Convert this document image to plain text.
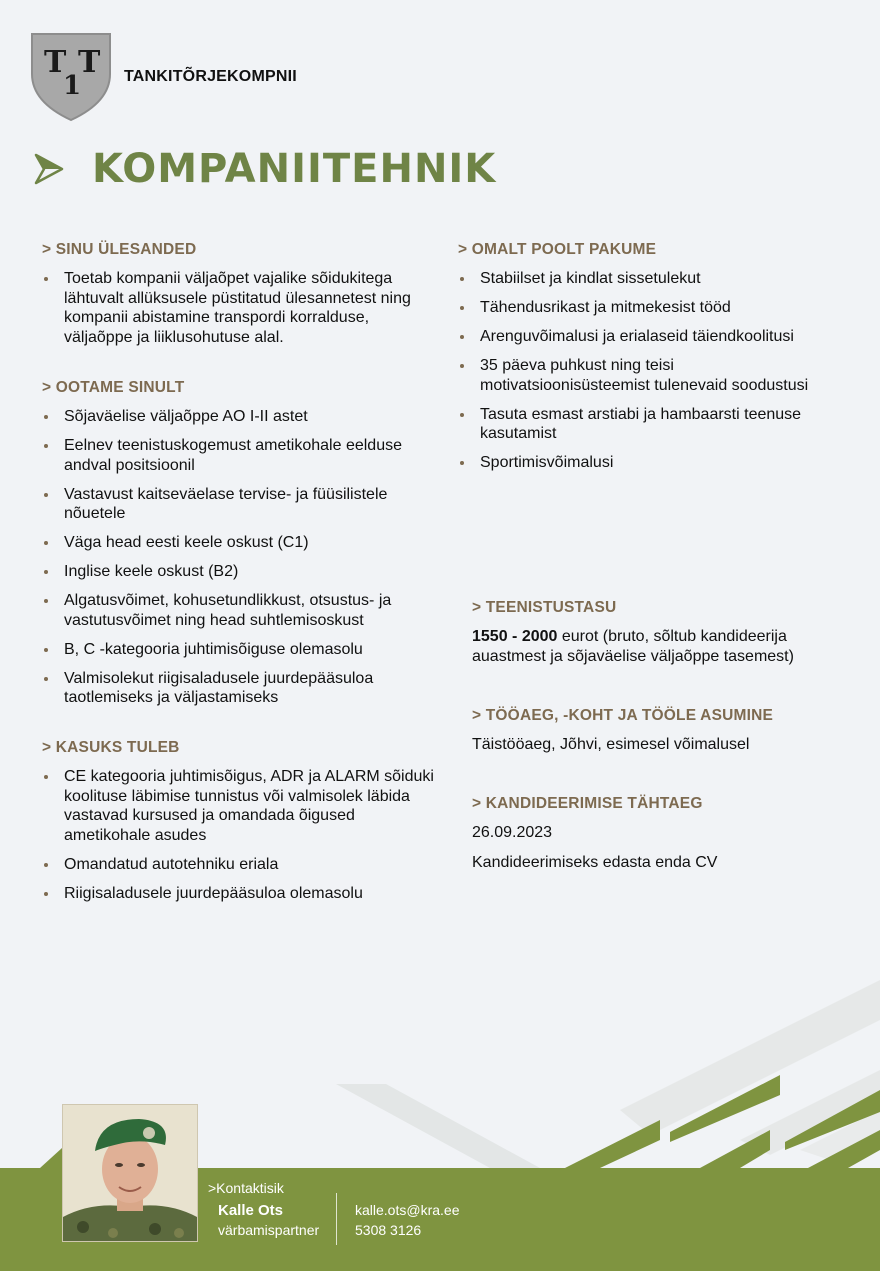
T
1
T TANKITÕRJEKOMPNII
KOMPANIITEHNIK
> SINU ÜLESANDED
Toetab kompanii väljaõpet vajalike sõidukitega lähtuvalt allüksusele püstitatud ülesannetest ning kompanii abistamine transpordi korralduse, väljaõppe ja liiklusohutuse alal.
> OOTAME SINULT
Sõjaväelise väljaõppe AO I-II astet
Eelnev teenistuskogemust ametikohale eelduse andval positsioonil
Vastavust kaitseväelase tervise- ja füüsilistele nõuetele
Väga head eesti keele oskust (C1)
Inglise keele oskust (B2)
Algatusvõimet, kohusetundlikkust, otsustus- ja vastutusvõimet ning head suhtlemisoskust
B, C -kategooria juhtimisõiguse olemasolu
Valmisolekut riigisaladusele juurdepääsuloa taotlemiseks ja väljastamiseks
> KASUKS TULEB
CE kategooria juhtimisõigus, ADR ja ALARM sõiduki koolituse läbimise tunnistus või valmisolek läbida vastavad kursused ja omandada õigused ametikohale asudes
Omandatud autotehniku eriala
Riigisaladusele juurdepääsuloa olemasolu
> OMALT POOLT PAKUME
Stabiilset ja kindlat sissetulekut
Tähendusrikast ja mitmekesist tööd
Arenguvõimalusi ja erialaseid täiendkoolitusi
35 päeva puhkust ning teisi motivatsioonisüsteemist tulenevaid soodustusi
Tasuta esmast arstiabi ja hambaarsti teenuse kasutamist
Sportimisvõimalusi
> TEENISTUSTASU
1550 - 2000 eurot (bruto, sõltub kandideerija auastmest ja sõjaväelise väljaõppe tasemest)
> TÖÖAEG, -KOHT JA TÖÖLE ASUMINE
Täistööaeg, Jõhvi, esimesel võimalusel
> KANDIDEERIMISE TÄHTAEG
26.09.2023
Kandideerimiseks edasta enda CV
>Kontaktisik
Kalle Ots
värbamispartner
kalle.ots@kra.ee
5308 3126
